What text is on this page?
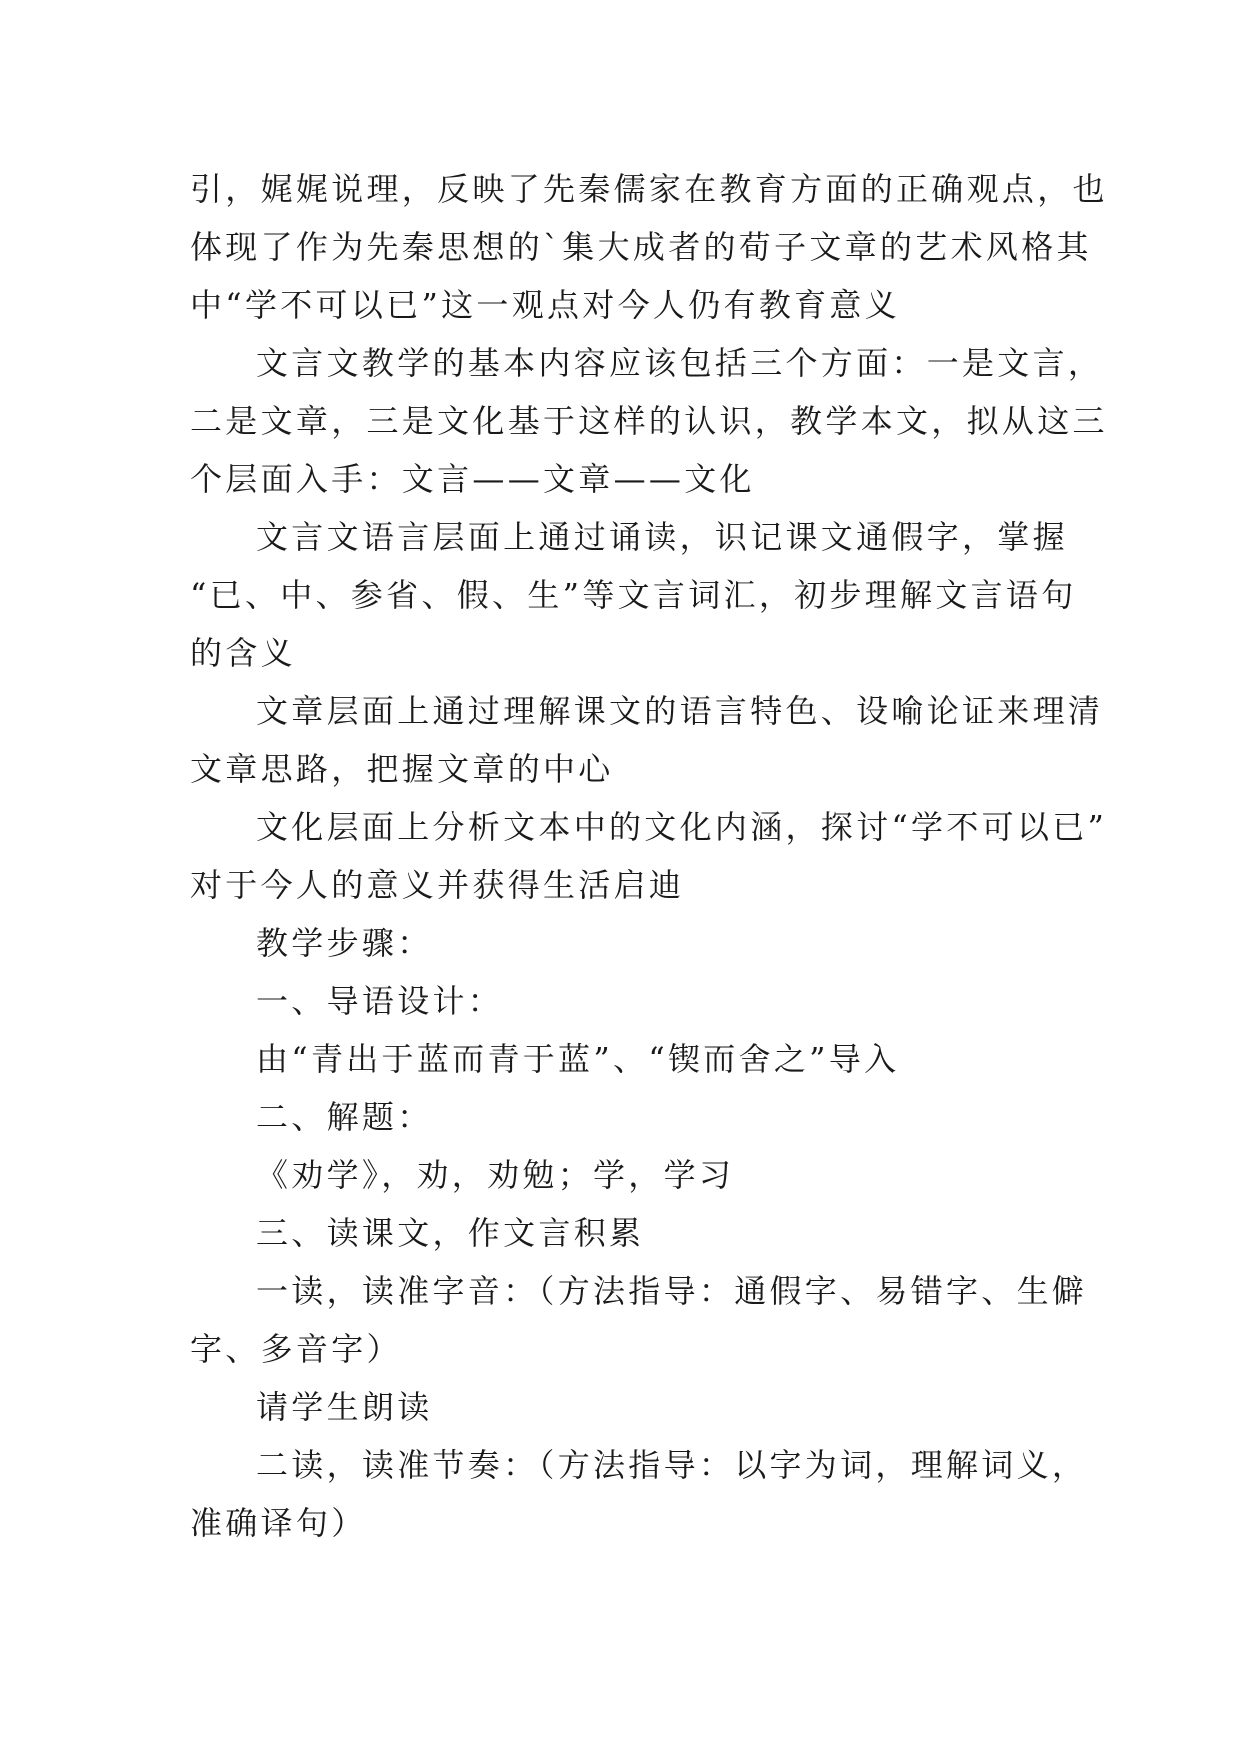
引，娓娓说理，反映了先秦儒家在教育方面的正确观点，也
体现了作为先秦思想的`集大成者的荀子文章的艺术风格其
中“学不可以已”这一观点对今人仍有教育意义
文言文教学的基本内容应该包括三个方面：一是文言，
二是文章，三是文化基于这样的认识，教学本文，拟从这三
个层面入手：文言——文章——文化
文言文语言层面上通过诵读，识记课文通假字，掌握
“已、中、参省、假、生”等文言词汇，初步理解文言语句
的含义
文章层面上通过理解课文的语言特色、设喻论证来理清
文章思路，把握文章的中心
文化层面上分析文本中的文化内涵，探讨“学不可以已”
对于今人的意义并获得生活启迪
教学步骤：
一、导语设计：
由“青出于蓝而青于蓝”、“锲而舍之”导入
二、解题：
《劝学》，劝，劝勉；学，学习
三、读课文，作文言积累
一读，读准字音：（方法指导：通假字、易错字、生僻
字、多音字）
请学生朗读
二读，读准节奏：（方法指导：以字为词，理解词义，
准确译句）
